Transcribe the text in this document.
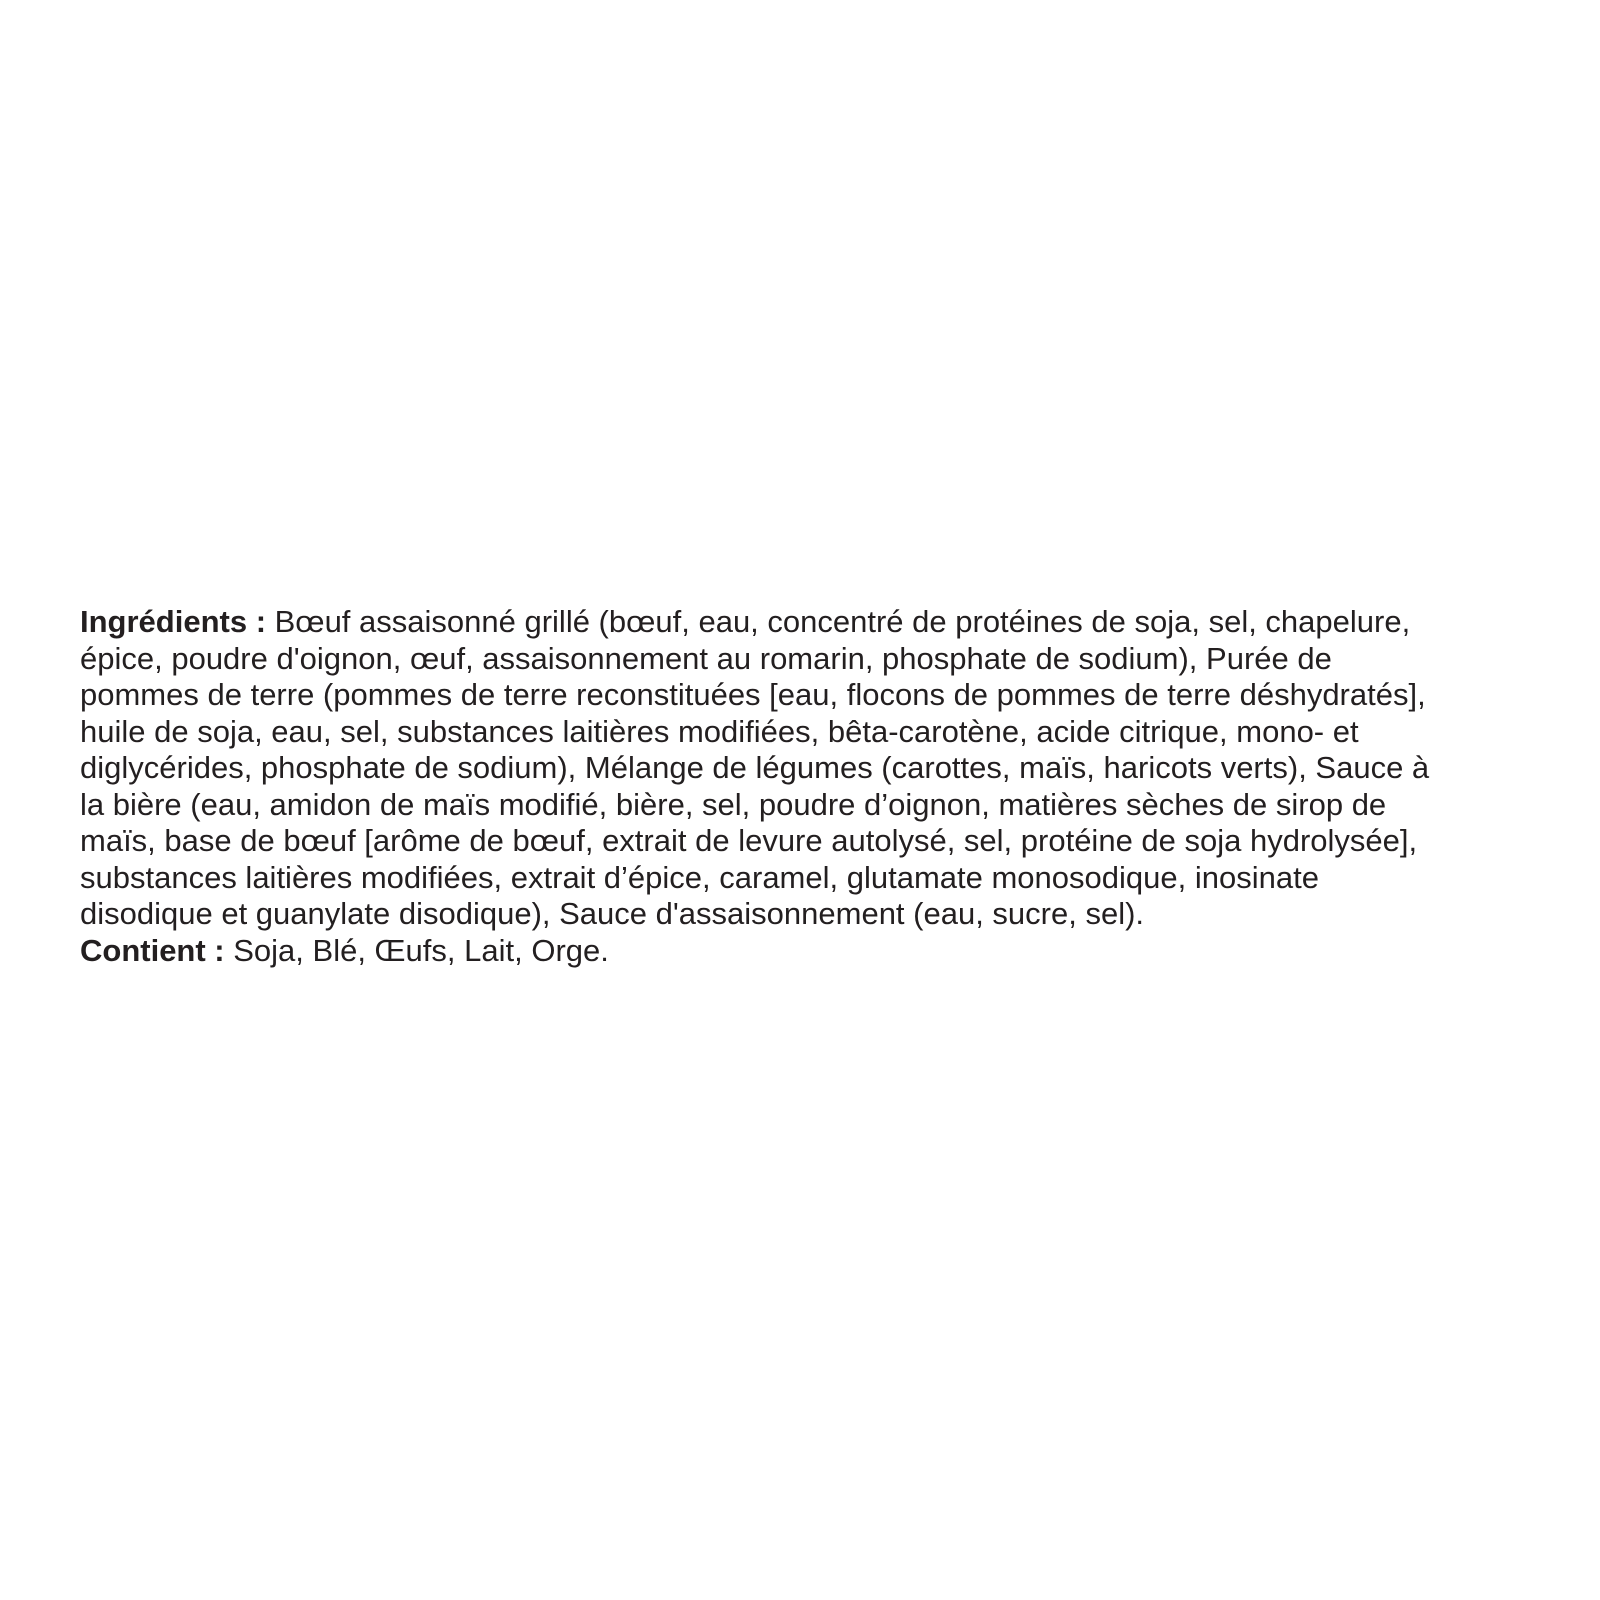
Ingrédients : Bœuf assaisonné grillé (bœuf, eau, concentré de protéines de soja, sel, chapelure,
épice, poudre d'oignon, œuf, assaisonnement au romarin, phosphate de sodium), Purée de
pommes de terre (pommes de terre reconstituées [eau, flocons de pommes de terre déshydratés],
huile de soja, eau, sel, substances laitières modifiées, bêta-carotène, acide citrique, mono- et
diglycérides, phosphate de sodium), Mélange de légumes (carottes, maïs, haricots verts), Sauce à
la bière (eau, amidon de maïs modifié, bière, sel, poudre d’oignon, matières sèches de sirop de
maïs, base de bœuf [arôme de bœuf, extrait de levure autolysé, sel, protéine de soja hydrolysée],
substances laitières modifiées, extrait d’épice, caramel, glutamate monosodique, inosinate
disodique et guanylate disodique), Sauce d'assaisonnement (eau, sucre, sel).
Contient : Soja, Blé, Œufs, Lait, Orge.
